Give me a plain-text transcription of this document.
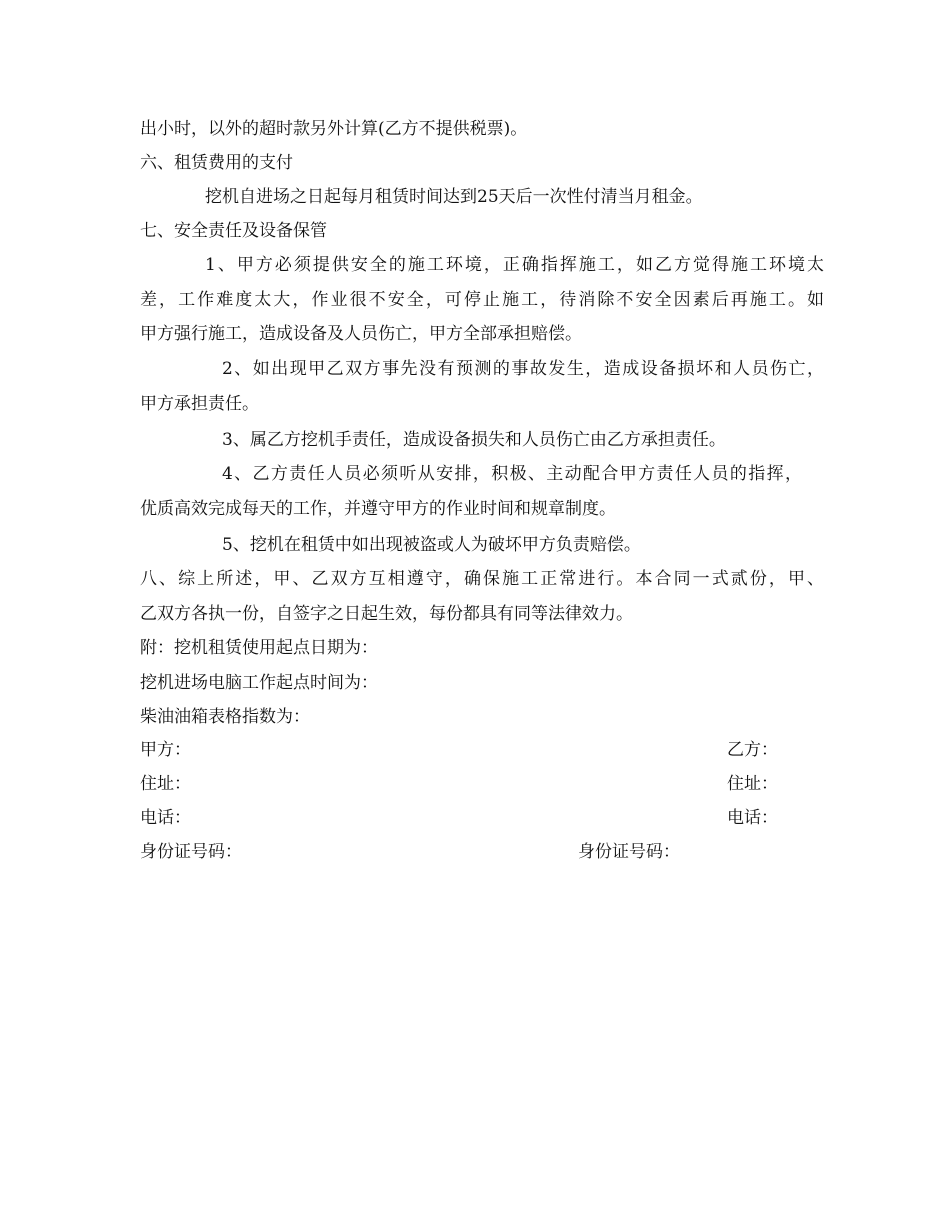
出小时，以外的超时款另外计算(乙方不提供税票)。
六、租赁费用的支付
挖机自进场之日起每月租赁时间达到25天后一次性付清当月租金。
七、安全责任及设备保管
1、甲方必须提供安全的施工环境，正确指挥施工，如乙方觉得施工环境太
差，工作难度太大，作业很不安全，可停止施工，待消除不安全因素后再施工。如
甲方强行施工，造成设备及人员伤亡，甲方全部承担赔偿。
2、如出现甲乙双方事先没有预测的事故发生，造成设备损坏和人员伤亡，
甲方承担责任。
3、属乙方挖机手责任，造成设备损失和人员伤亡由乙方承担责任。
4、乙方责任人员必须听从安排，积极、主动配合甲方责任人员的指挥，
优质高效完成每天的工作，并遵守甲方的作业时间和规章制度。
5、挖机在租赁中如出现被盗或人为破坏甲方负责赔偿。
八、综上所述，甲、乙双方互相遵守，确保施工正常进行。本合同一式贰份，甲、
乙双方各执一份，自签字之日起生效，每份都具有同等法律效力。
附：挖机租赁使用起点日期为：
挖机进场电脑工作起点时间为：
柴油油箱表格指数为：
甲方：	乙方：
住址：	住址：
电话：	电话：
身份证号码：	身份证号码：
